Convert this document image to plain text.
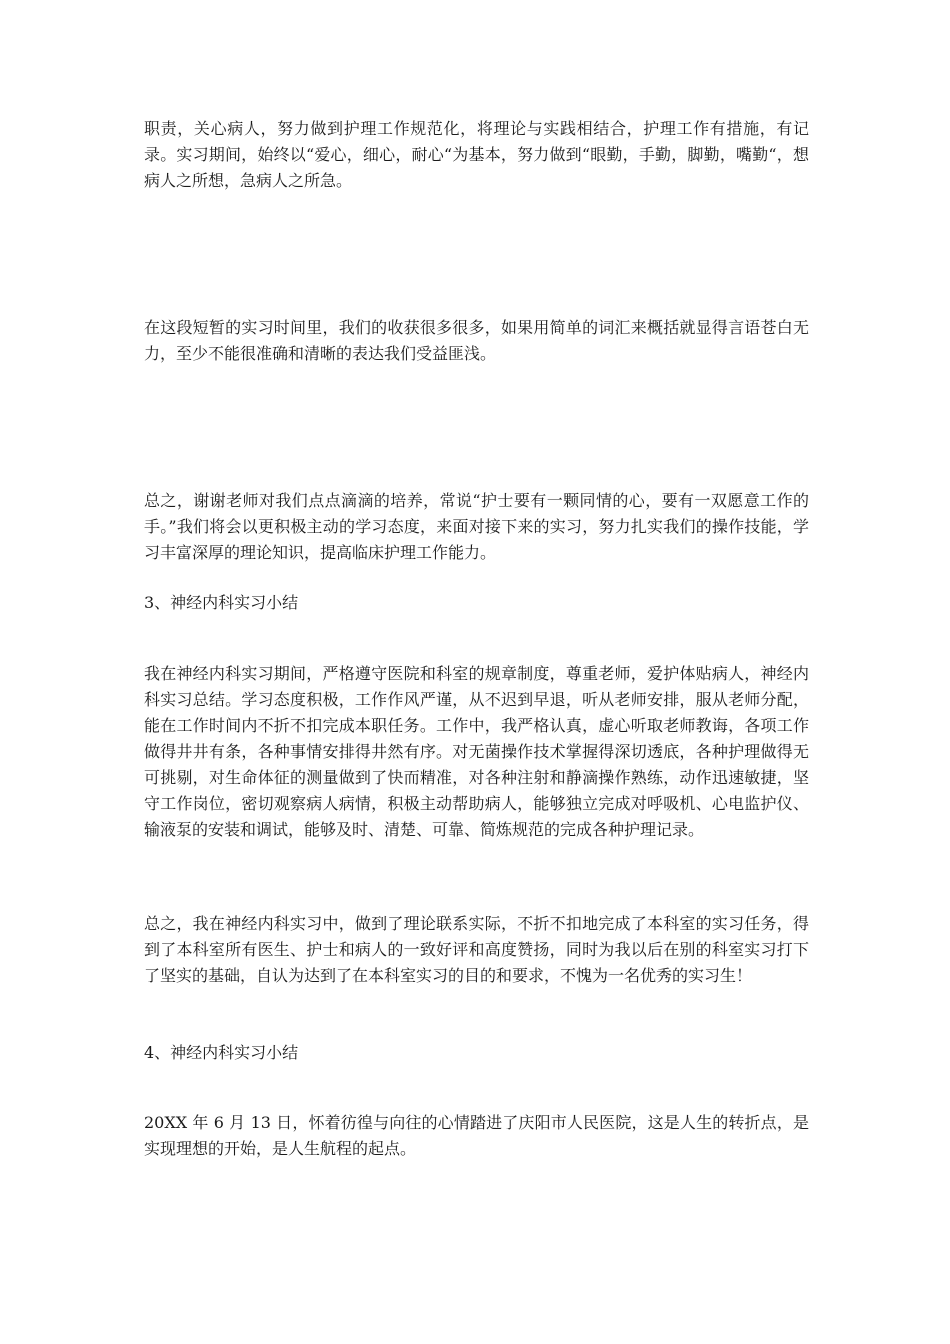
职责，关心病人，努力做到护理工作规范化，将理论与实践相结合，护理工作有措施，有记录。实习期间，始终以“爱心，细心，耐心“为基本，努力做到“眼勤，手勤，脚勤，嘴勤“，想病人之所想，急病人之所急。

在这段短暂的实习时间里，我们的收获很多很多，如果用简单的词汇来概括就显得言语苍白无力，至少不能很准确和清晰的表达我们受益匪浅。

总之，谢谢老师对我们点点滴滴的培养，常说“护士要有一颗同情的心，要有一双愿意工作的手。”我们将会以更积极主动的学习态度，来面对接下来的实习，努力扎实我们的操作技能，学习丰富深厚的理论知识，提高临床护理工作能力。

3、神经内科实习小结

我在神经内科实习期间，严格遵守医院和科室的规章制度，尊重老师，爱护体贴病人，神经内科实习总结。学习态度积极，工作作风严谨，从不迟到早退，听从老师安排，服从老师分配，能在工作时间内不折不扣完成本职任务。工作中，我严格认真，虚心听取老师教诲，各项工作做得井井有条，各种事情安排得井然有序。对无菌操作技术掌握得深切透底，各种护理做得无可挑剔，对生命体征的测量做到了快而精准，对各种注射和静滴操作熟练，动作迅速敏捷，坚守工作岗位，密切观察病人病情，积极主动帮助病人，能够独立完成对呼吸机、心电监护仪、输液泵的安装和调试，能够及时、清楚、可靠、简炼规范的完成各种护理记录。

总之，我在神经内科实习中，做到了理论联系实际，不折不扣地完成了本科室的实习任务，得到了本科室所有医生、护士和病人的一致好评和高度赞扬，同时为我以后在别的科室实习打下了坚实的基础，自认为达到了在本科室实习的目的和要求，不愧为一名优秀的实习生！

4、神经内科实习小结

20XX 年 6 月 13 日，怀着彷徨与向往的心情踏进了庆阳市人民医院，这是人生的转折点，是实现理想的开始，是人生航程的起点。
